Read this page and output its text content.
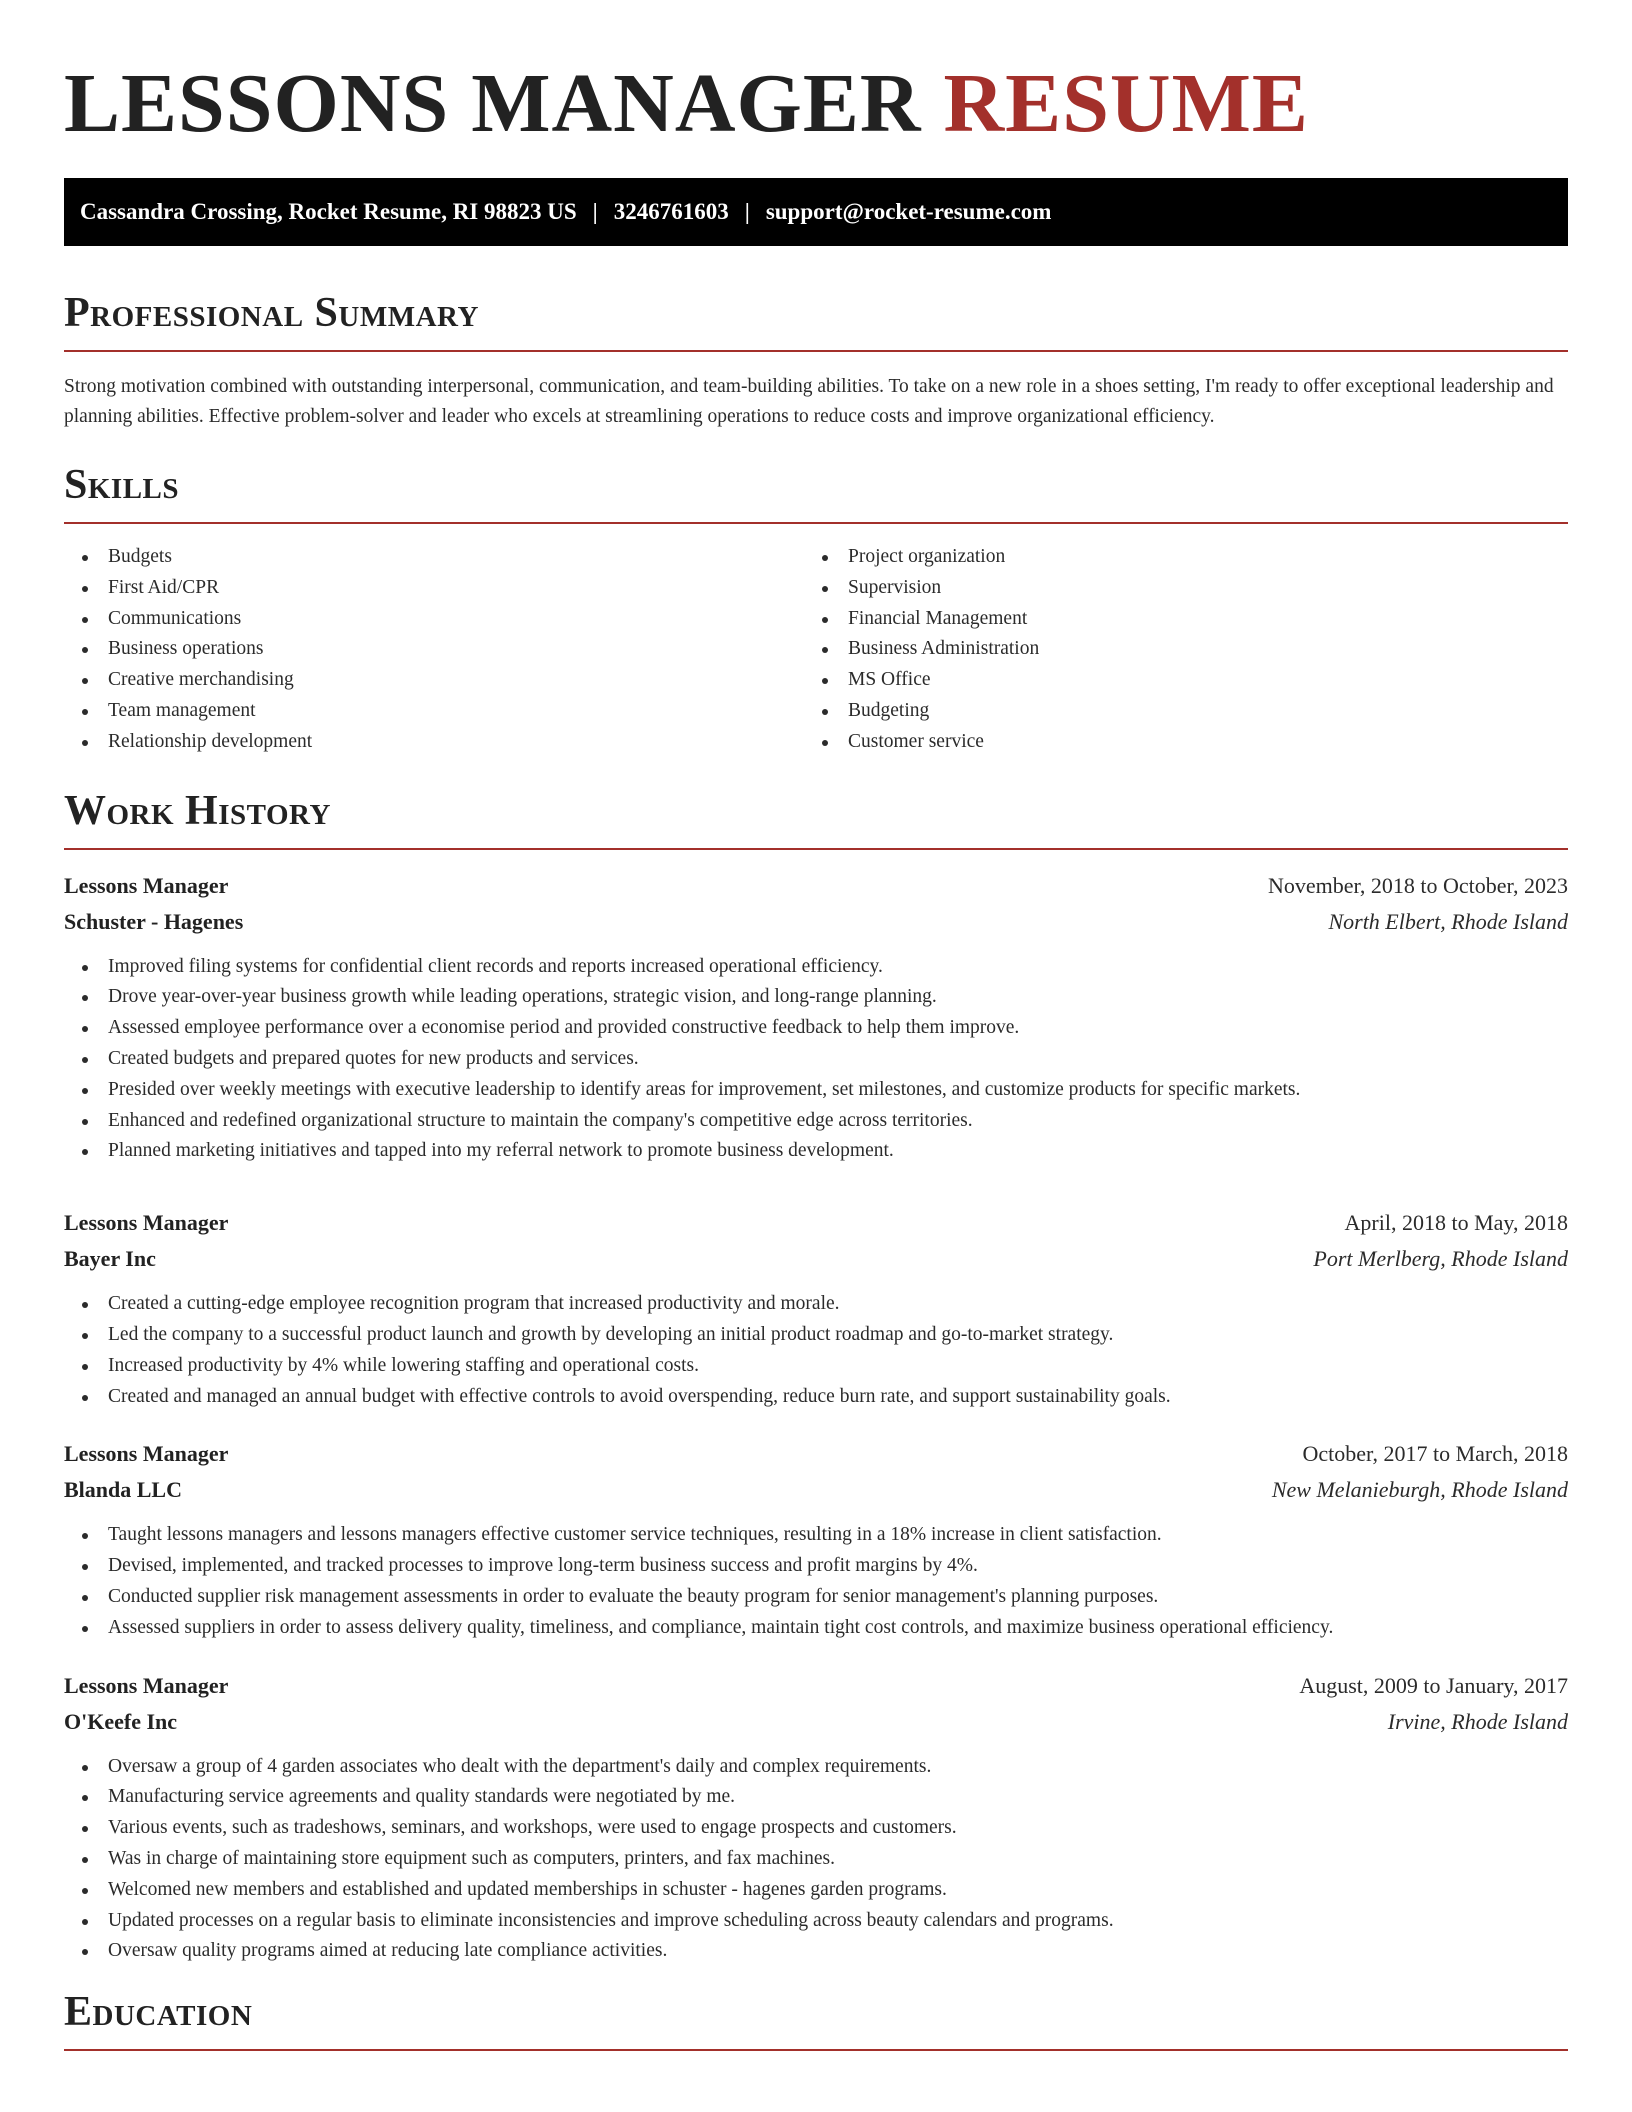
LESSONS MANAGER RESUME
Cassandra Crossing, Rocket Resume, RI 98823 US | 3246761603 | support@rocket-resume.com
Professional Summary

Strong motivation combined with outstanding interpersonal, communication, and team-building abilities. To take on a new role in a shoes setting, I'm ready to offer exceptional leadership and planning abilities. Effective problem-solver and leader who excels at streamlining operations to reduce costs and improve organizational efficiency.

Skills
Budgets
First Aid/CPR
Communications
Business operations
Creative merchandising
Team management
Relationship development
Project organization
Supervision
Financial Management
Business Administration
MS Office
Budgeting
Customer service
Work History
Lessons Manager	November, 2018 to October, 2023
Schuster - Hagenes	North Elbert, Rhode Island
Improved filing systems for confidential client records and reports increased operational efficiency.
Drove year-over-year business growth while leading operations, strategic vision, and long-range planning.
Assessed employee performance over a economise period and provided constructive feedback to help them improve.
Created budgets and prepared quotes for new products and services.
Presided over weekly meetings with executive leadership to identify areas for improvement, set milestones, and customize products for specific markets.
Enhanced and redefined organizational structure to maintain the company's competitive edge across territories.
Planned marketing initiatives and tapped into my referral network to promote business development.
Lessons Manager	April, 2018 to May, 2018
Bayer Inc	Port Merlberg, Rhode Island
Created a cutting-edge employee recognition program that increased productivity and morale.
Led the company to a successful product launch and growth by developing an initial product roadmap and go-to-market strategy.
Increased productivity by 4% while lowering staffing and operational costs.
Created and managed an annual budget with effective controls to avoid overspending, reduce burn rate, and support sustainability goals.
Lessons Manager	October, 2017 to March, 2018
Blanda LLC	New Melanieburgh, Rhode Island
Taught lessons managers and lessons managers effective customer service techniques, resulting in a 18% increase in client satisfaction.
Devised, implemented, and tracked processes to improve long-term business success and profit margins by 4%.
Conducted supplier risk management assessments in order to evaluate the beauty program for senior management's planning purposes.
Assessed suppliers in order to assess delivery quality, timeliness, and compliance, maintain tight cost controls, and maximize business operational efficiency.
Lessons Manager	August, 2009 to January, 2017
O'Keefe Inc	Irvine, Rhode Island
Oversaw a group of 4 garden associates who dealt with the department's daily and complex requirements.
Manufacturing service agreements and quality standards were negotiated by me.
Various events, such as tradeshows, seminars, and workshops, were used to engage prospects and customers.
Was in charge of maintaining store equipment such as computers, printers, and fax machines.
Welcomed new members and established and updated memberships in schuster - hagenes garden programs.
Updated processes on a regular basis to eliminate inconsistencies and improve scheduling across beauty calendars and programs.
Oversaw quality programs aimed at reducing late compliance activities.
Education
